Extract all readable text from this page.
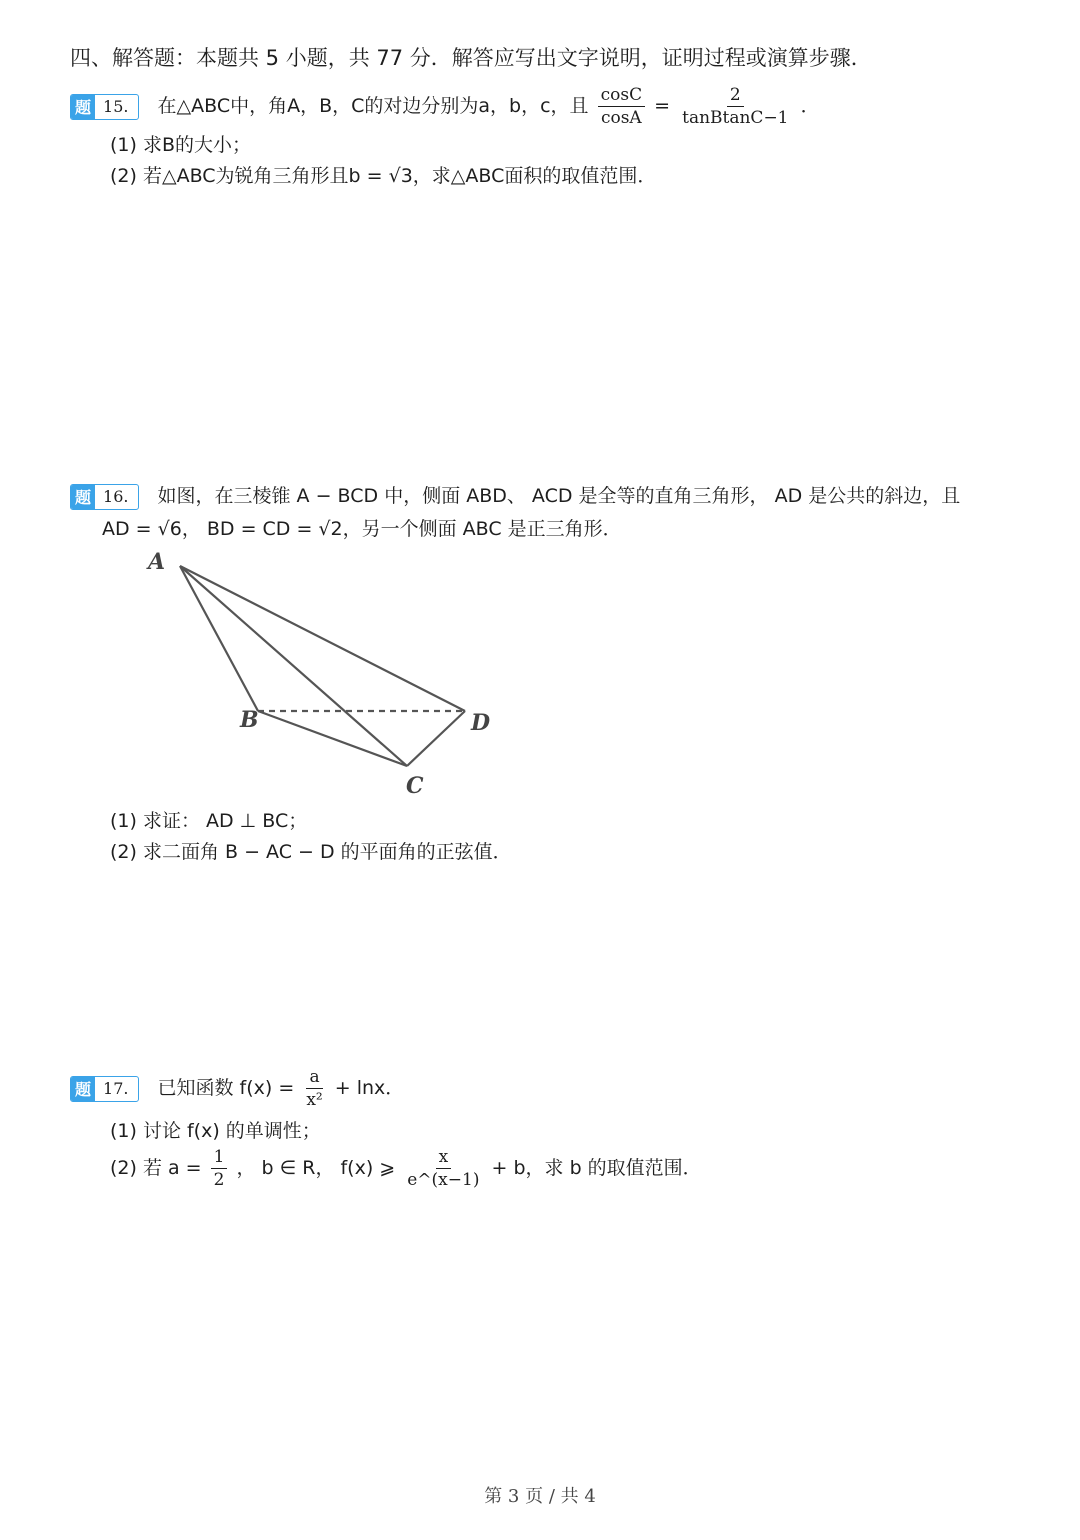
四、解答题：本题共 5 小题，共 77 分．解答应写出文字说明，证明过程或演算步骤．
题 15.	在△ABC中，角A，B，C的对边分别为a，b，c，且 $\frac{\cos C}{\cos A} = \frac{2}{\text{tanBtanC−1}}$ ．
(1) 求B的大小；
(2) 若△ABC为锐角三角形且b = √3，求△ABC面积的取值范围．
题 16.	如图，在三棱锥 A − BCD 中，侧面 ABD、 ACD 是全等的直角三角形， AD 是公共的斜边，且
AD = √6， BD = CD = √2，另一个侧面 ABC 是正三角形．
A
B
C
D
(1) 求证： AD ⊥ BC；
(2) 求二面角 B − AC − D 的平面角的正弦值．
题 17.	已知函数 $f(x) = \frac{a}{\text{x²}} + \ln x$．
(1) 讨论 f(x) 的单调性；
(2) 若 $a = \frac{1}{2}$ ， b ∈ R， f(x) ⩾ $\frac{x}{e\^{}(x-1)} + b$，求 b 的取值范围．
第 3 页 / 共 4
